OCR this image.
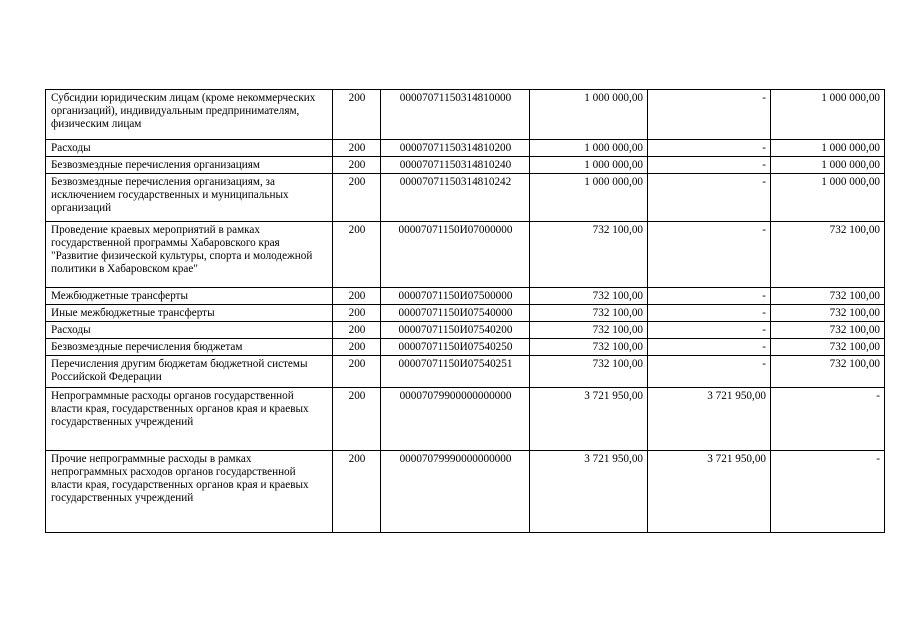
Субсидии юридическим лицам (кроме некоммерческих организаций), индивидуальным предпринимателям, физическим лицам	200	00007071150314810000	1 000 000,00	-	1 000 000,00
Расходы	200	00007071150314810200	1 000 000,00	-	1 000 000,00
Безвозмездные перечисления организациям	200	00007071150314810240	1 000 000,00	-	1 000 000,00
Безвозмездные перечисления организациям, за исключением государственных и муниципальных организаций	200	00007071150314810242	1 000 000,00	-	1 000 000,00
Проведение краевых мероприятий в рамках государственной программы Хабаровского края "Развитие физической культуры, спорта и молодежной политики в Хабаровском крае"	200	00007071150И07000000	732 100,00	-	732 100,00
Межбюджетные трансферты	200	00007071150И07500000	732 100,00	-	732 100,00
Иные межбюджетные трансферты	200	00007071150И07540000	732 100,00	-	732 100,00
Расходы	200	00007071150И07540200	732 100,00	-	732 100,00
Безвозмездные перечисления бюджетам	200	00007071150И07540250	732 100,00	-	732 100,00
Перечисления другим бюджетам бюджетной системы Российской Федерации	200	00007071150И07540251	732 100,00	-	732 100,00
Непрограммные расходы органов государственной власти края, государственных органов края и краевых государственных учреждений	200	00007079900000000000	3 721 950,00	3 721 950,00	-
Прочие непрограммные расходы в рамках непрограммных расходов органов государственной власти края, государственных органов края и краевых государственных учреждений	200	00007079990000000000	3 721 950,00	3 721 950,00	-
